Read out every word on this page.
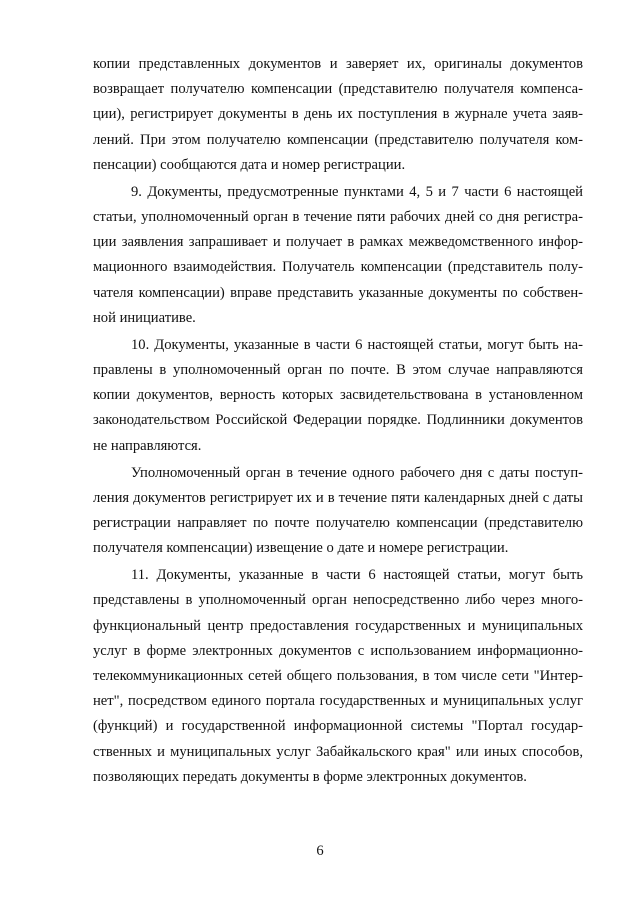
копии представленных документов и заверяет их, оригиналы документов возвращает получателю компенсации (представителю получателя компенса-ции), регистрирует документы в день их поступления в журнале учета заяв-лений. При этом получателю компенсации (представителю получателя ком-пенсации) сообщаются дата и номер регистрации.

9. Документы, предусмотренные пунктами 4, 5 и 7 части 6 настоящей статьи, уполномоченный орган в течение пяти рабочих дней со дня регистра-ции заявления запрашивает и получает в рамках межведомственного инфор-мационного взаимодействия. Получатель компенсации (представитель полу-чателя компенсации) вправе представить указанные документы по собствен-ной инициативе.

10. Документы, указанные в части 6 настоящей статьи, могут быть на-правлены в уполномоченный орган по почте. В этом случае направляются копии документов, верность которых засвидетельствована в установленном законодательством Российской Федерации порядке. Подлинники документов не направляются.

Уполномоченный орган в течение одного рабочего дня с даты поступ-ления документов регистрирует их и в течение пяти календарных дней с даты регистрации направляет по почте получателю компенсации (представителю получателя компенсации) извещение о дате и номере регистрации.

11. Документы, указанные в части 6 настоящей статьи, могут быть представлены в уполномоченный орган непосредственно либо через много-функциональный центр предоставления государственных и муниципальных услуг в форме электронных документов с использованием информационно-телекоммуникационных сетей общего пользования, в том числе сети "Интер-нет", посредством единого портала государственных и муниципальных услуг (функций) и государственной информационной системы "Портал государ-ственных и муниципальных услуг Забайкальского края" или иных способов, позволяющих передать документы в форме электронных документов.

6
